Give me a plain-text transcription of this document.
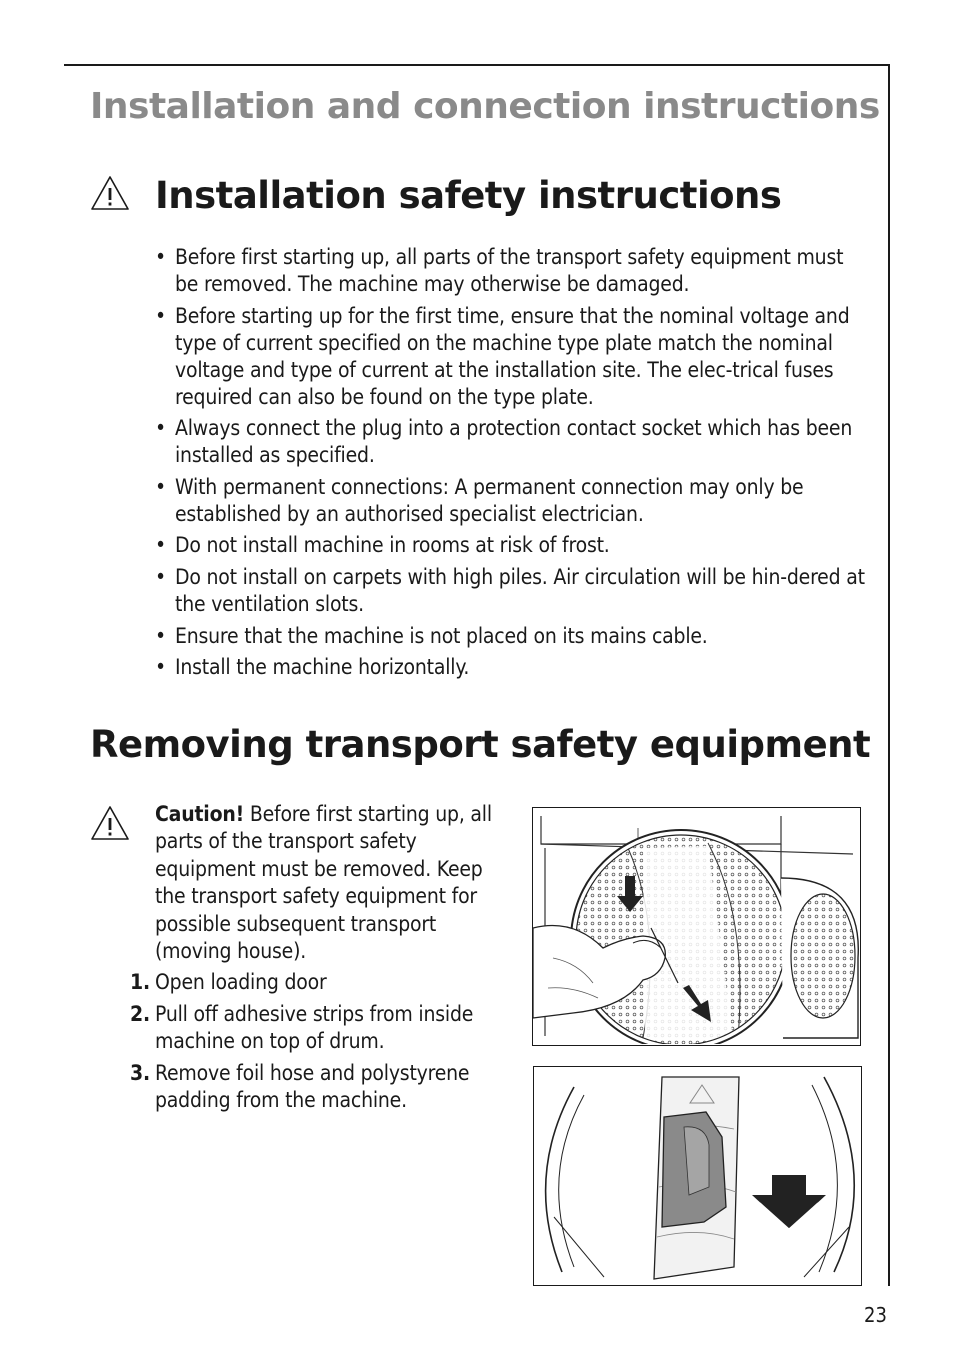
Installation and connection instructions
Installation safety instructions
• Before first starting up, all parts of the transport safety equipment must be removed. The machine may otherwise be damaged.
• Before starting up for the first time, ensure that the nominal voltage and type of current specified on the machine type plate match the nominal voltage and type of current at the installation site. The elec-trical fuses required can also be found on the type plate.
• Always connect the plug into a protection contact socket which has been installed as specified.
• With permanent connections: A permanent connection may only be established by an authorised specialist electrician.
• Do not install machine in rooms at risk of frost.
• Do not install on carpets with high piles. Air circulation will be hin-dered at the ventilation slots.
• Ensure that the machine is not placed on its mains cable.
• Install the machine horizontally.
Removing transport safety equipment

Caution! Before first starting up, all parts of the transport safety equipment must be removed. Keep the transport safety equipment for possible subsequent transport (moving house).

1. Open loading door
2. Pull off adhesive strips from inside machine on top of drum.
3. Remove foil hose and polystyrene padding from the machine.
23
